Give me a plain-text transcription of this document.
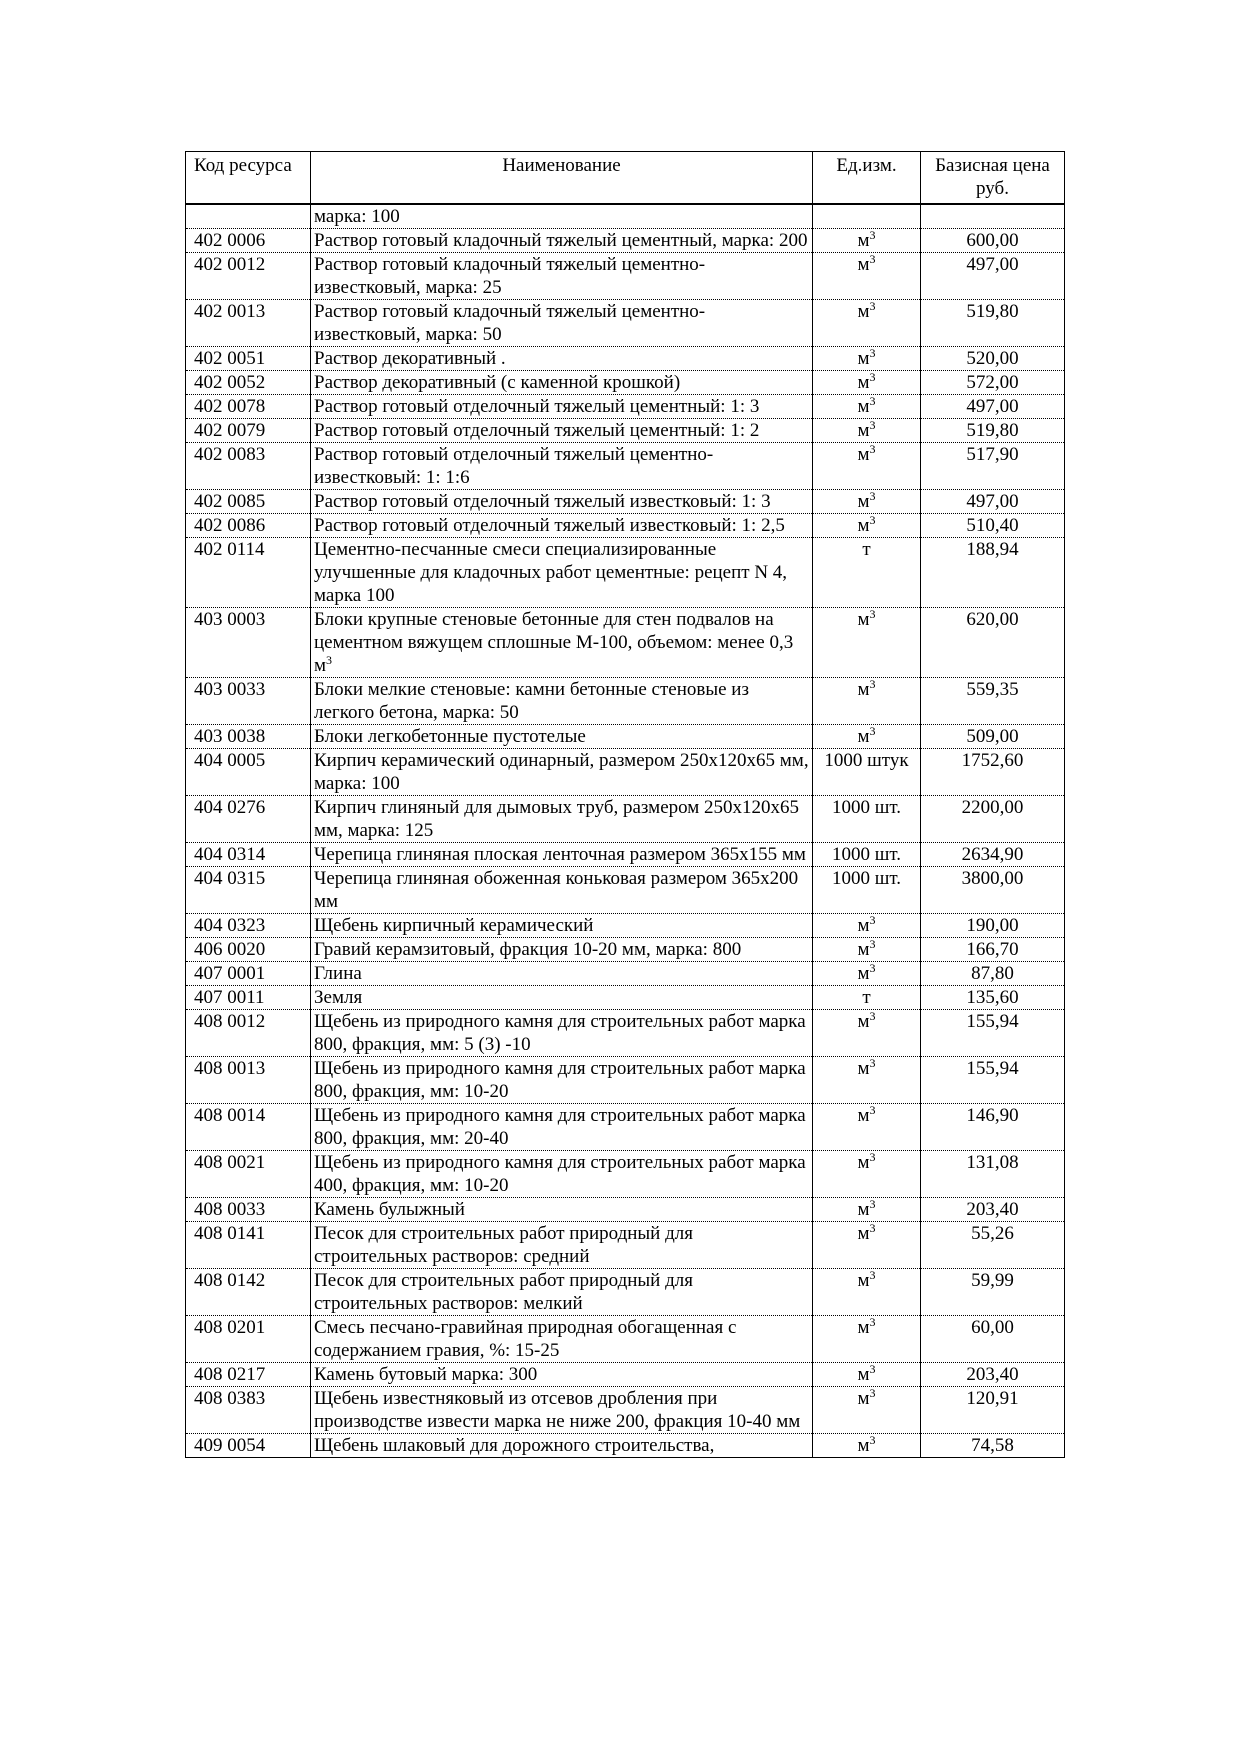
Код ресурса	Наименование	Ед.изм.	Базисная цена руб.
	марка: 100		
402 0006	Раствор готовый кладочный тяжелый цементный, марка: 200	$м^3$	600,00
402 0012	Раствор готовый кладочный тяжелый цементно-известковый, марка: 25	$м^3$	497,00
402 0013	Раствор готовый кладочный тяжелый цементно-известковый, марка: 50	$м^3$	519,80
402 0051	Раствор декоративный .	$м^3$	520,00
402 0052	Раствор декоративный (с каменной крошкой)	$м^3$	572,00
402 0078	Раствор готовый отделочный тяжелый цементный: 1: 3	$м^3$	497,00
402 0079	Раствор готовый отделочный тяжелый цементный: 1: 2	$м^3$	519,80
402 0083	Раствор готовый отделочный тяжелый цементно-известковый: 1: 1:6	$м^3$	517,90
402 0085	Раствор готовый отделочный тяжелый известковый: 1: 3	$м^3$	497,00
402 0086	Раствор готовый отделочный тяжелый известковый: 1: 2,5	$м^3$	510,40
402 0114	Цементно-песчанные смеси специализированные улучшенные для кладочных работ цементные: рецепт N 4, марка 100	т	188,94
403 0003	Блоки крупные стеновые бетонные для стен подвалов на цементном вяжущем сплошные М-100, объемом: менее 0,3 $м^3$	$м^3$	620,00
403 0033	Блоки мелкие стеновые: камни бетонные стеновые из легкого бетона, марка: 50	$м^3$	559,35
403 0038	Блоки легкобетонные пустотелые	$м^3$	509,00
404 0005	Кирпич керамический одинарный, размером 250х120х65 мм, марка: 100	1000 штук	1752,60
404 0276	Кирпич глиняный для дымовых труб, размером 250х120х65 мм, марка: 125	1000 шт.	2200,00
404 0314	Черепица глиняная плоская ленточная размером 365х155 мм	1000 шт.	2634,90
404 0315	Черепица глиняная обоженная коньковая размером 365х200 мм	1000 шт.	3800,00
404 0323	Щебень кирпичный керамический	$м^3$	190,00
406 0020	Гравий керамзитовый, фракция 10-20 мм, марка: 800	$м^3$	166,70
407 0001	Глина	$м^3$	87,80
407 0011	Земля	т	135,60
408 0012	Щебень из природного камня для строительных работ марка 800, фракция, мм: 5 (3) -10	$м^3$	155,94
408 0013	Щебень из природного камня для строительных работ марка 800, фракция, мм: 10-20	$м^3$	155,94
408 0014	Щебень из природного камня для строительных работ марка 800, фракция, мм: 20-40	$м^3$	146,90
408 0021	Щебень из природного камня для строительных работ марка 400, фракция, мм: 10-20	$м^3$	131,08
408 0033	Камень булыжный	$м^3$	203,40
408 0141	Песок для строительных работ природный для строительных растворов: средний	$м^3$	55,26
408 0142	Песок для строительных работ природный для строительных растворов: мелкий	$м^3$	59,99
408 0201	Смесь песчано-гравийная природная обогащенная с содержанием гравия, %: 15-25	$м^3$	60,00
408 0217	Камень бутовый марка: 300	$м^3$	203,40
408 0383	Щебень известняковый из отсевов дробления при производстве извести марка не ниже 200, фракция 10-40 мм	$м^3$	120,91
409 0054	Щебень шлаковый для дорожного строительства,	$м^3$	74,58
